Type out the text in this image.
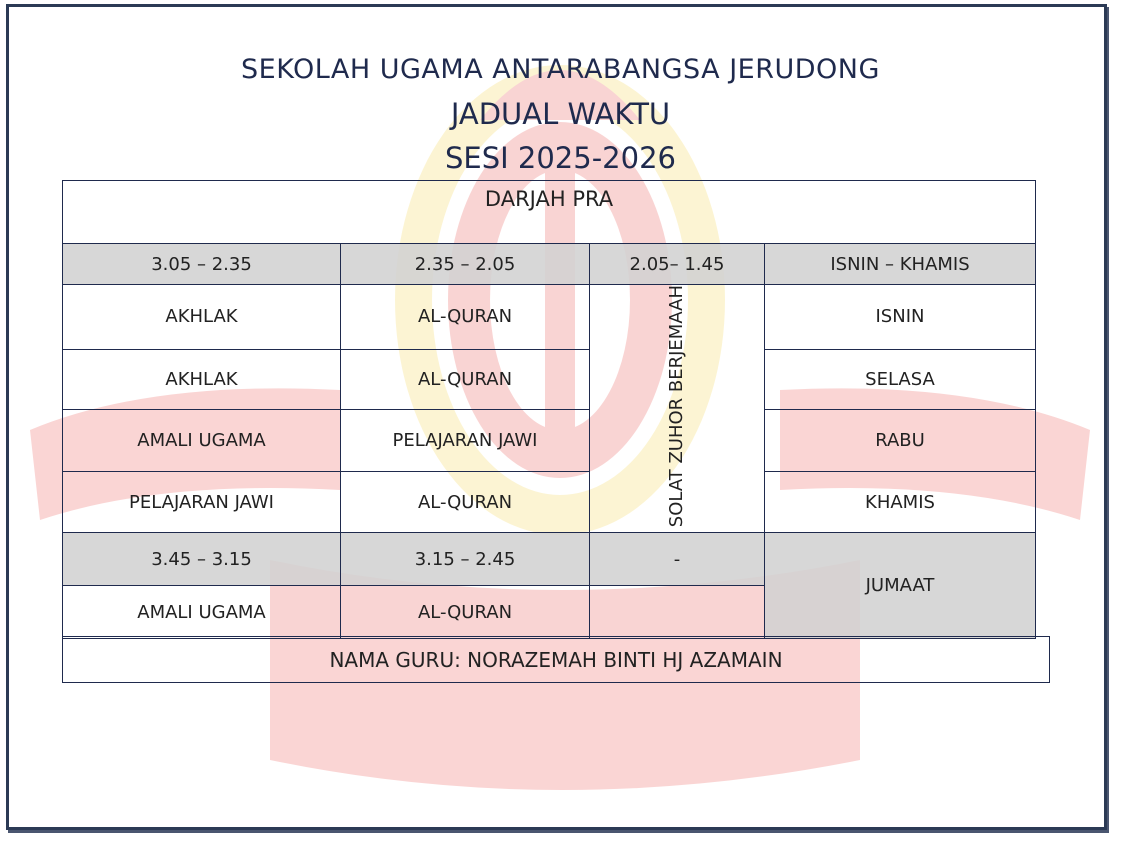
SEKOLAH UGAMA ANTARABANGSA JERUDONG
JADUAL WAKTU
SESI 2025-2026
DARJAH PRA			
3.05 – 2.35	2.35 – 2.05	2.05– 1.45	ISNIN – KHAMIS
AKHLAK	AL-QURAN	SOLAT ZUHOR BERJEMAAH	ISNIN
AKHLAK	AL-QURAN		SELASA
AMALI UGAMA	PELAJARAN JAWI		RABU
PELAJARAN JAWI	AL-QURAN		KHAMIS
3.45 – 3.15	3.15 – 2.45	-	JUMAAT
AMALI UGAMA	AL-QURAN		
NAMA GURU: NORAZEMAH BINTI HJ AZAMAIN
